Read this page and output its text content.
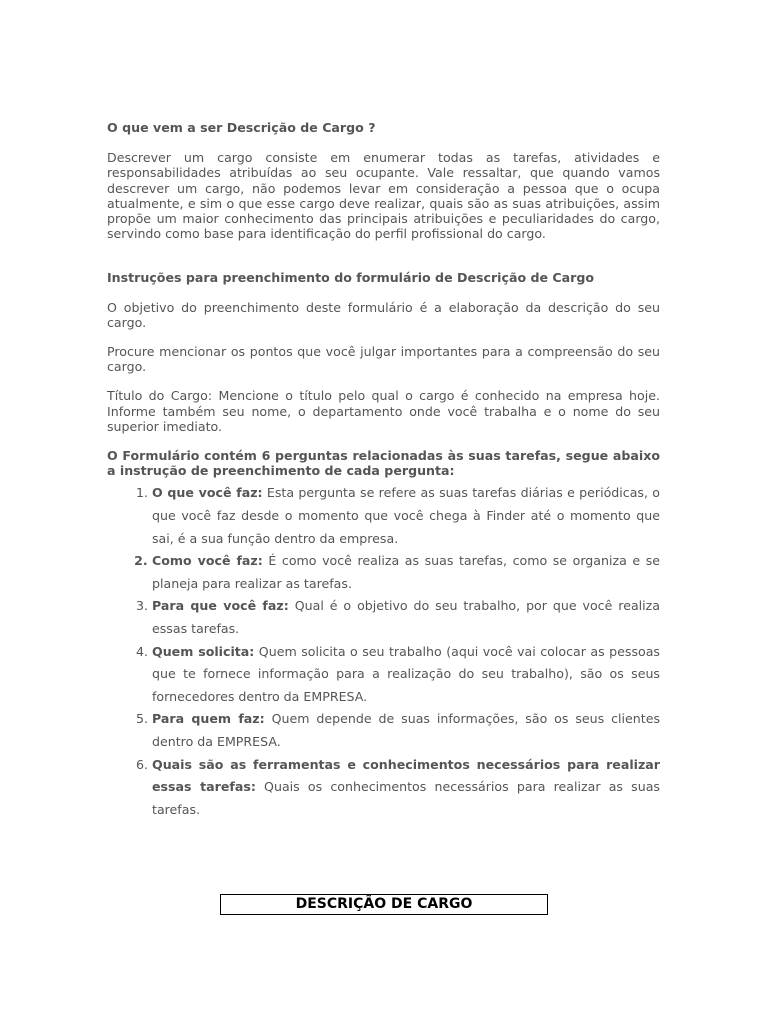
O que vem a ser Descrição de Cargo ?

Descrever um cargo consiste em enumerar todas as tarefas, atividades e responsabilidades atribuídas ao seu ocupante. Vale ressaltar, que quando vamos descrever um cargo, não podemos levar em consideração a pessoa que o ocupa atualmente, e sim o que esse cargo deve realizar, quais são as suas atribuições, assim propõe um maior conhecimento das principais atribuições e peculiaridades do cargo, servindo como base para identificação do perfil profissional do cargo.

Instruções para preenchimento do formulário de Descrição de Cargo

O objetivo do preenchimento deste formulário é a elaboração da descrição do seu cargo.

Procure mencionar os pontos que você julgar importantes para a compreensão do seu cargo.

Título do Cargo: Mencione o título pelo qual o cargo é conhecido na empresa hoje. Informe também seu nome, o departamento onde você trabalha e o nome do seu superior imediato.

O Formulário contém 6 perguntas relacionadas às suas tarefas, segue abaixo a instrução de preenchimento de cada pergunta:

1. O que você faz: Esta pergunta se refere as suas tarefas diárias e periódicas, o que você faz desde o momento que você chega à Finder até o momento que sai, é a sua função dentro da empresa.
2. Como você faz: É como você realiza as suas tarefas, como se organiza e se planeja para realizar as tarefas.
3. Para que você faz: Qual é o objetivo do seu trabalho, por que você realiza essas tarefas.
4. Quem solicita: Quem solicita o seu trabalho (aqui você vai colocar as pessoas que te fornece informação para a realização do seu trabalho), são os seus fornecedores dentro da EMPRESA.
5. Para quem faz: Quem depende de suas informações, são os seus clientes dentro da EMPRESA.
6. Quais são as ferramentas e conhecimentos necessários para realizar essas tarefas: Quais os conhecimentos necessários para realizar as suas tarefas.
DESCRIÇÃO DE CARGO
